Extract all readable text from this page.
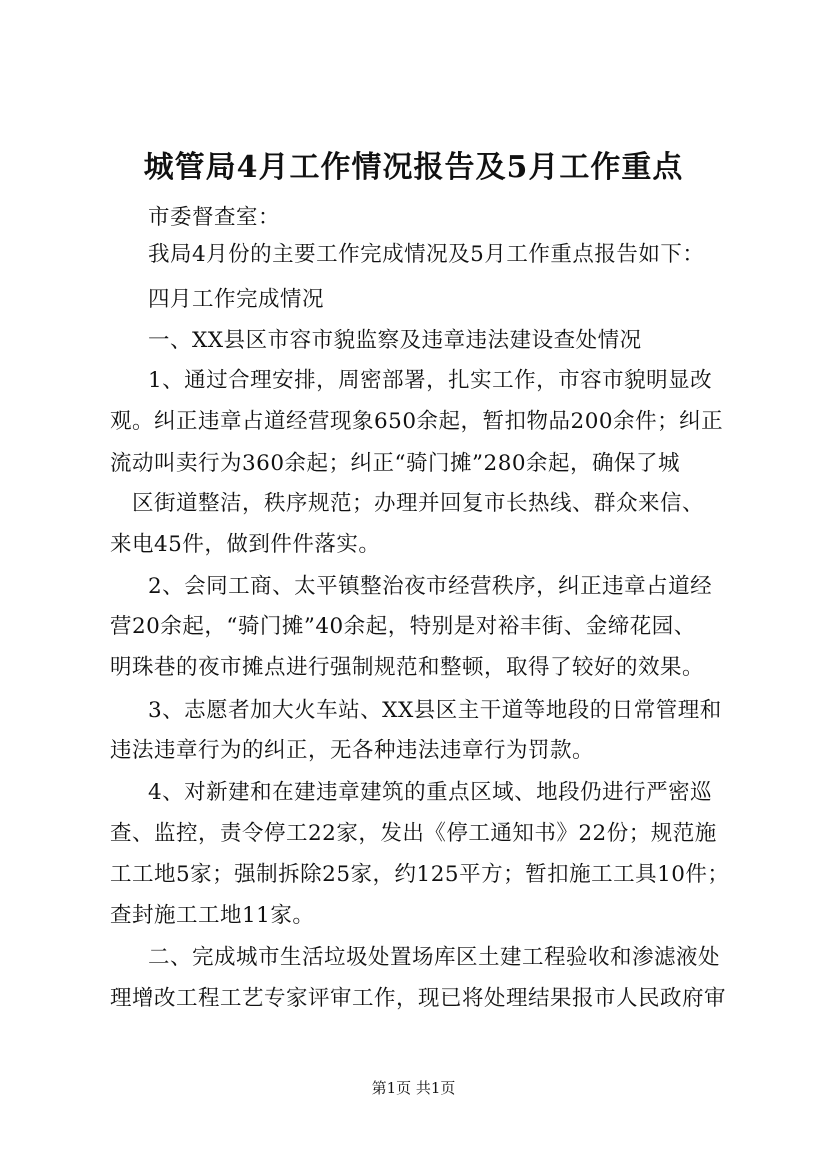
城管局4月工作情况报告及5月工作重点
市委督查室：
我局4月份的主要工作完成情况及5月工作重点报告如下：
四月工作完成情况
一、XX县区市容市貌监察及违章违法建设查处情况
1、通过合理安排，周密部署，扎实工作，市容市貌明显改
观。纠正违章占道经营现象650余起，暂扣物品200余件；纠正
流动叫卖行为360余起；纠正“骑门摊”280余起，确保了城
区街道整洁，秩序规范；办理并回复市长热线、群众来信、
来电45件，做到件件落实。
2、会同工商、太平镇整治夜市经营秩序，纠正违章占道经
营20余起，“骑门摊”40余起，特别是对裕丰街、金缔花园、
明珠巷的夜市摊点进行强制规范和整顿，取得了较好的效果。
3、志愿者加大火车站、XX县区主干道等地段的日常管理和
违法违章行为的纠正，无各种违法违章行为罚款。
4、对新建和在建违章建筑的重点区域、地段仍进行严密巡
查、监控，责令停工22家，发出《停工通知书》22份；规范施
工工地5家；强制拆除25家，约125平方；暂扣施工工具10件；
查封施工工地11家。
二、完成城市生活垃圾处置场库区土建工程验收和渗滤液处
理增改工程工艺专家评审工作，现已将处理结果报市人民政府审
第1页 共1页
